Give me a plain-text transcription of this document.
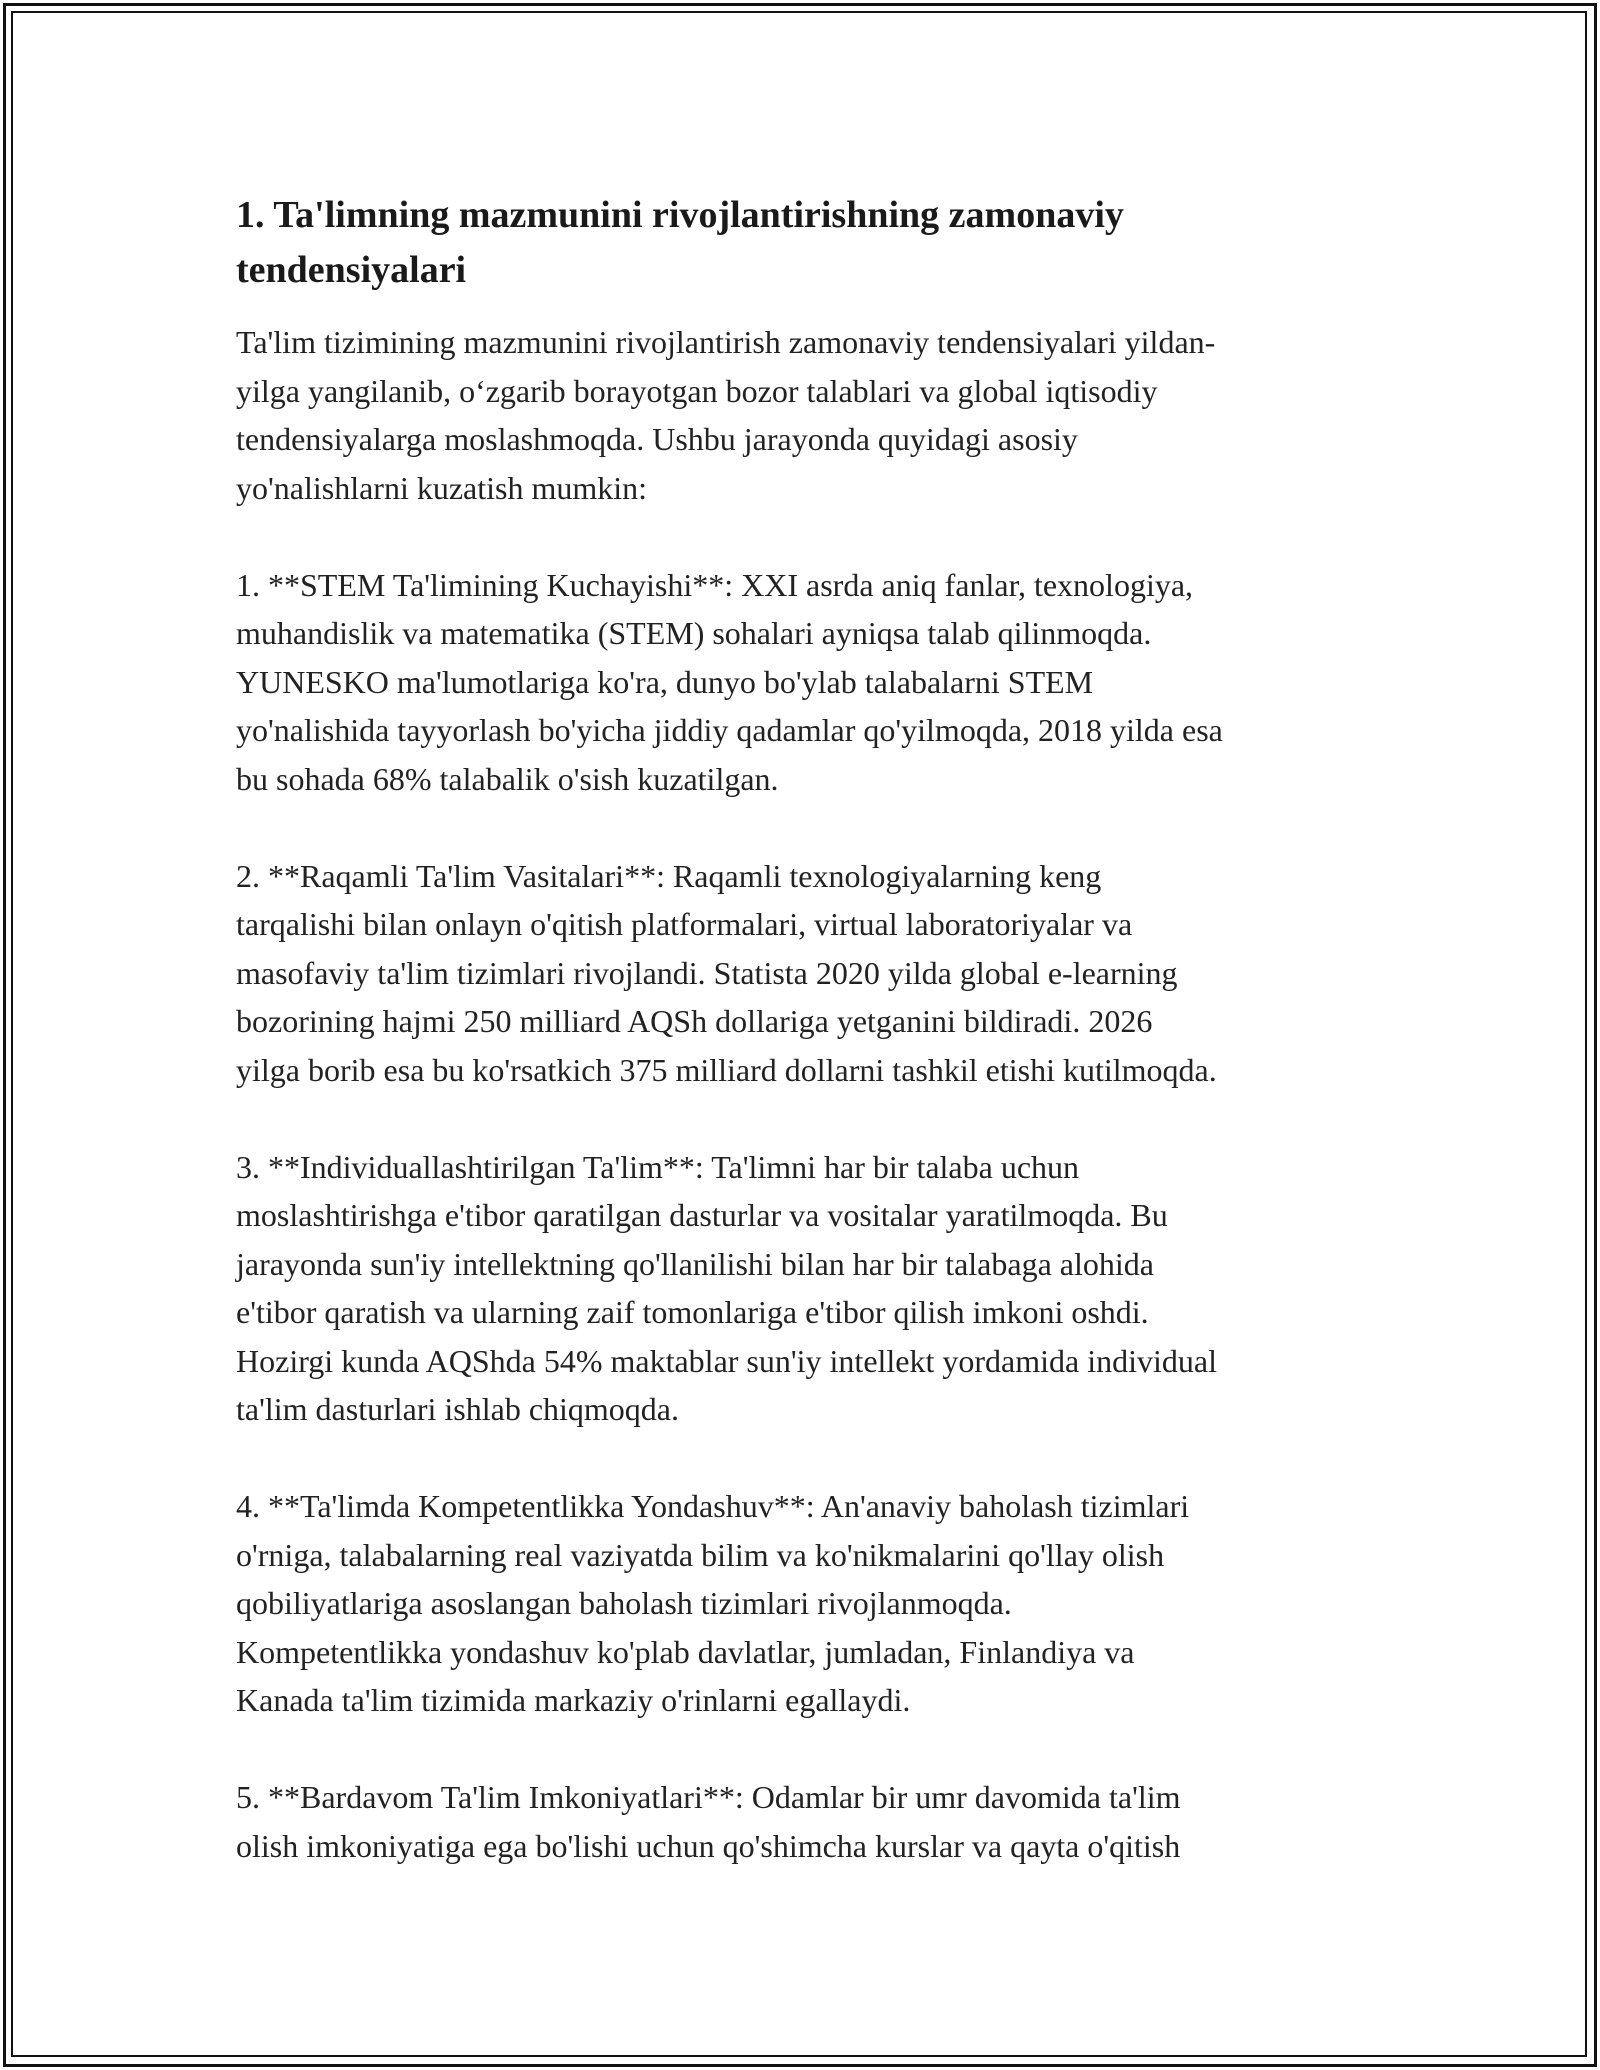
1. Ta'limning mazmunini rivojlantirishning zamonaviy
tendensiyalari

Ta'lim tizimining mazmunini rivojlantirish zamonaviy tendensiyalari yildan-
yilga yangilanib, o‘zgarib borayotgan bozor talablari va global iqtisodiy
tendensiyalarga moslashmoqda. Ushbu jarayonda quyidagi asosiy
yo'nalishlarni kuzatish mumkin:

1. **STEM Ta'limining Kuchayishi**: XXI asrda aniq fanlar, texnologiya,
muhandislik va matematika (STEM) sohalari ayniqsa talab qilinmoqda.
YUNESKO ma'lumotlariga ko'ra, dunyo bo'ylab talabalarni STEM
yo'nalishida tayyorlash bo'yicha jiddiy qadamlar qo'yilmoqda, 2018 yilda esa
bu sohada 68% talabalik o'sish kuzatilgan.

2. **Raqamli Ta'lim Vasitalari**: Raqamli texnologiyalarning keng
tarqalishi bilan onlayn o'qitish platformalari, virtual laboratoriyalar va
masofaviy ta'lim tizimlari rivojlandi. Statista 2020 yilda global e-learning
bozorining hajmi 250 milliard AQSh dollariga yetganini bildiradi. 2026
yilga borib esa bu ko'rsatkich 375 milliard dollarni tashkil etishi kutilmoqda.

3. **Individuallashtirilgan Ta'lim**: Ta'limni har bir talaba uchun
moslashtirishga e'tibor qaratilgan dasturlar va vositalar yaratilmoqda. Bu
jarayonda sun'iy intellektning qo'llanilishi bilan har bir talabaga alohida
e'tibor qaratish va ularning zaif tomonlariga e'tibor qilish imkoni oshdi.
Hozirgi kunda AQShda 54% maktablar sun'iy intellekt yordamida individual
ta'lim dasturlari ishlab chiqmoqda.

4. **Ta'limda Kompetentlikka Yondashuv**: An'anaviy baholash tizimlari
o'rniga, talabalarning real vaziyatda bilim va ko'nikmalarini qo'llay olish
qobiliyatlariga asoslangan baholash tizimlari rivojlanmoqda.
Kompetentlikka yondashuv ko'plab davlatlar, jumladan, Finlandiya va
Kanada ta'lim tizimida markaziy o'rinlarni egallaydi.

5. **Bardavom Ta'lim Imkoniyatlari**: Odamlar bir umr davomida ta'lim
olish imkoniyatiga ega bo'lishi uchun qo'shimcha kurslar va qayta o'qitish
